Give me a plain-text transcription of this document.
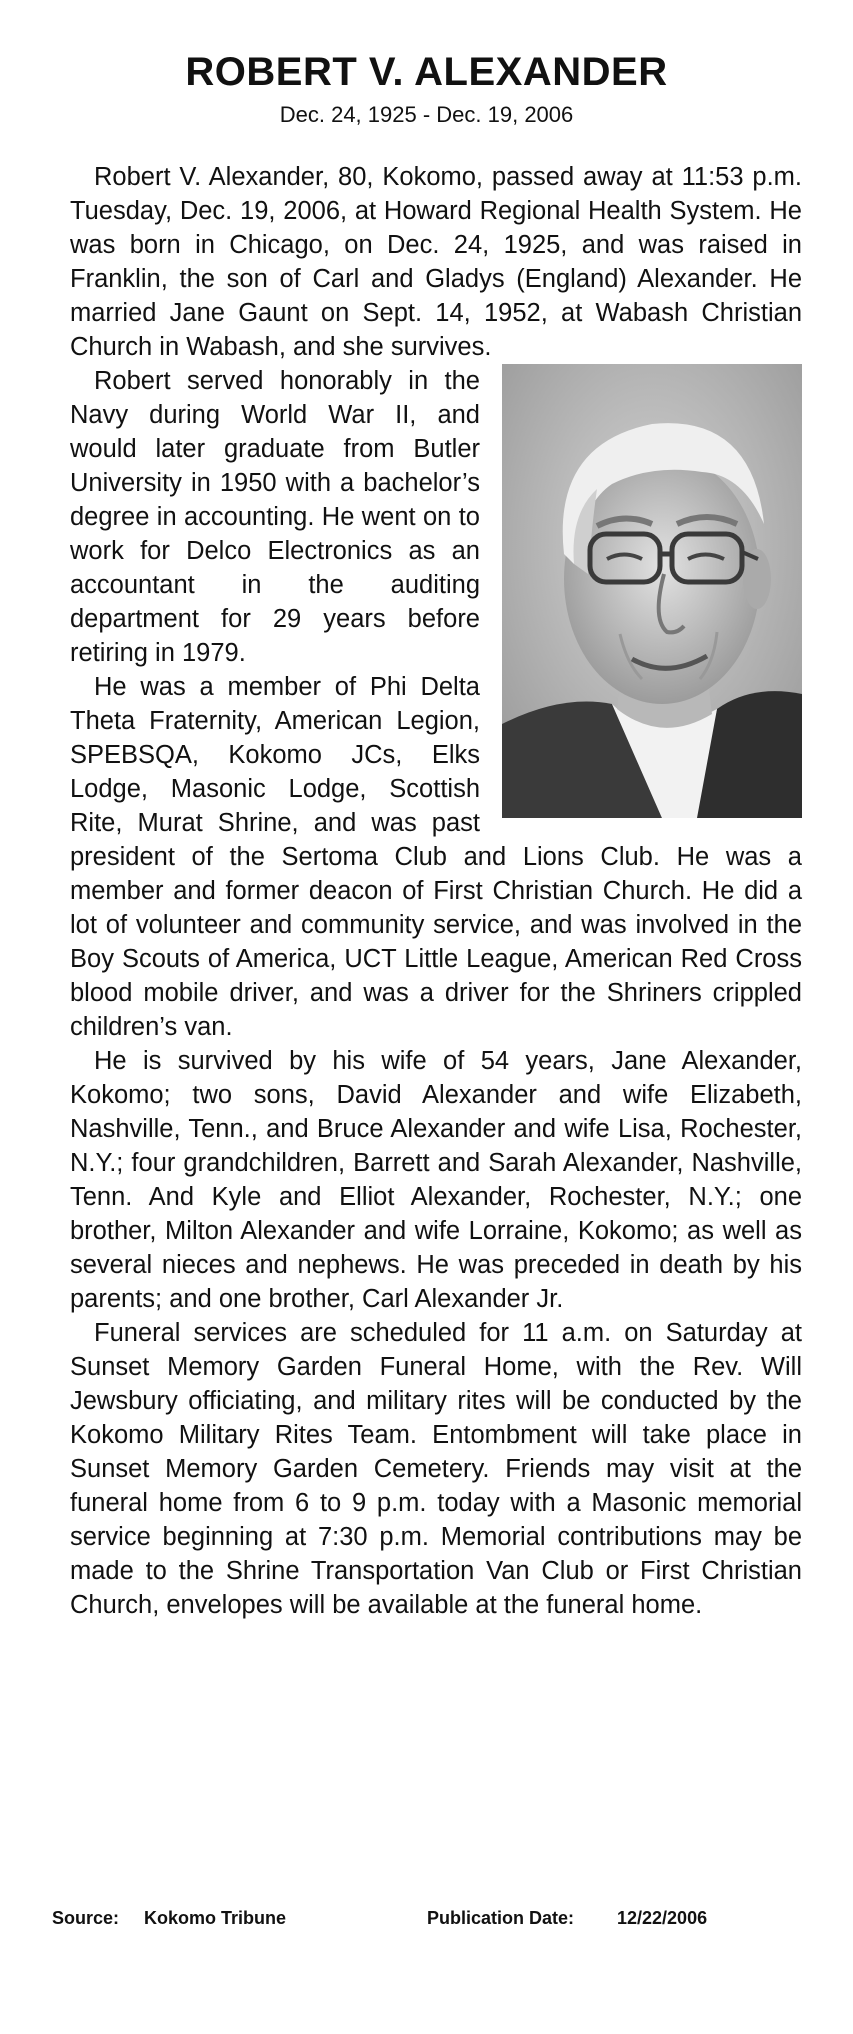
ROBERT V. ALEXANDER
Dec. 24, 1925 - Dec. 19, 2006

Robert V. Alexander, 80, Kokomo, passed away at 11:53 p.m. Tuesday, Dec. 19, 2006, at Howard Regional Health System. He was born in Chicago, on Dec. 24, 1925, and was raised in Franklin, the son of Carl and Gladys (England) Alexander. He married Jane Gaunt on Sept. 14, 1952, at Wabash Christian Church in Wabash, and she survives.

Robert served honorably in the Navy during World War II, and would later graduate from Butler University in 1950 with a bachelor’s degree in accounting. He went on to work for Delco Electronics as an accountant in the auditing department for 29 years before retiring in 1979.

He was a member of Phi Delta Theta Fraternity, American Legion, SPEBSQA, Kokomo JCs, Elks Lodge, Masonic Lodge, Scottish Rite, Murat Shrine, and was past president of the Sertoma Club and Lions Club. He was a member and former deacon of First Christian Church. He did a lot of volunteer and community service, and was involved in the Boy Scouts of America, UCT Little League, American Red Cross blood mobile driver, and was a driver for the Shriners crippled children’s van.

He is survived by his wife of 54 years, Jane Alexander, Kokomo; two sons, David Alexander and wife Elizabeth, Nashville, Tenn., and Bruce Alexander and wife Lisa, Rochester, N.Y.; four grandchildren, Barrett and Sarah Alexander, Nashville, Tenn. And Kyle and Elliot Alexander, Rochester, N.Y.; one brother, Milton Alexander and wife Lorraine, Kokomo; as well as several nieces and nephews. He was preceded in death by his parents; and one brother, Carl Alexander Jr.

Funeral services are scheduled for 11 a.m. on Saturday at Sunset Memory Garden Funeral Home, with the Rev. Will Jewsbury officiating, and military rites will be conducted by the Kokomo Military Rites Team. Entombment will take place in Sunset Memory Garden Cemetery. Friends may visit at the funeral home from 6 to 9 p.m. today with a Masonic memorial service beginning at 7:30 p.m. Memorial contributions may be made to the Shrine Transportation Van Club or First Christian Church, envelopes will be available at the funeral home.

Source: Kokomo Tribune	Publication Date: 12/22/2006
